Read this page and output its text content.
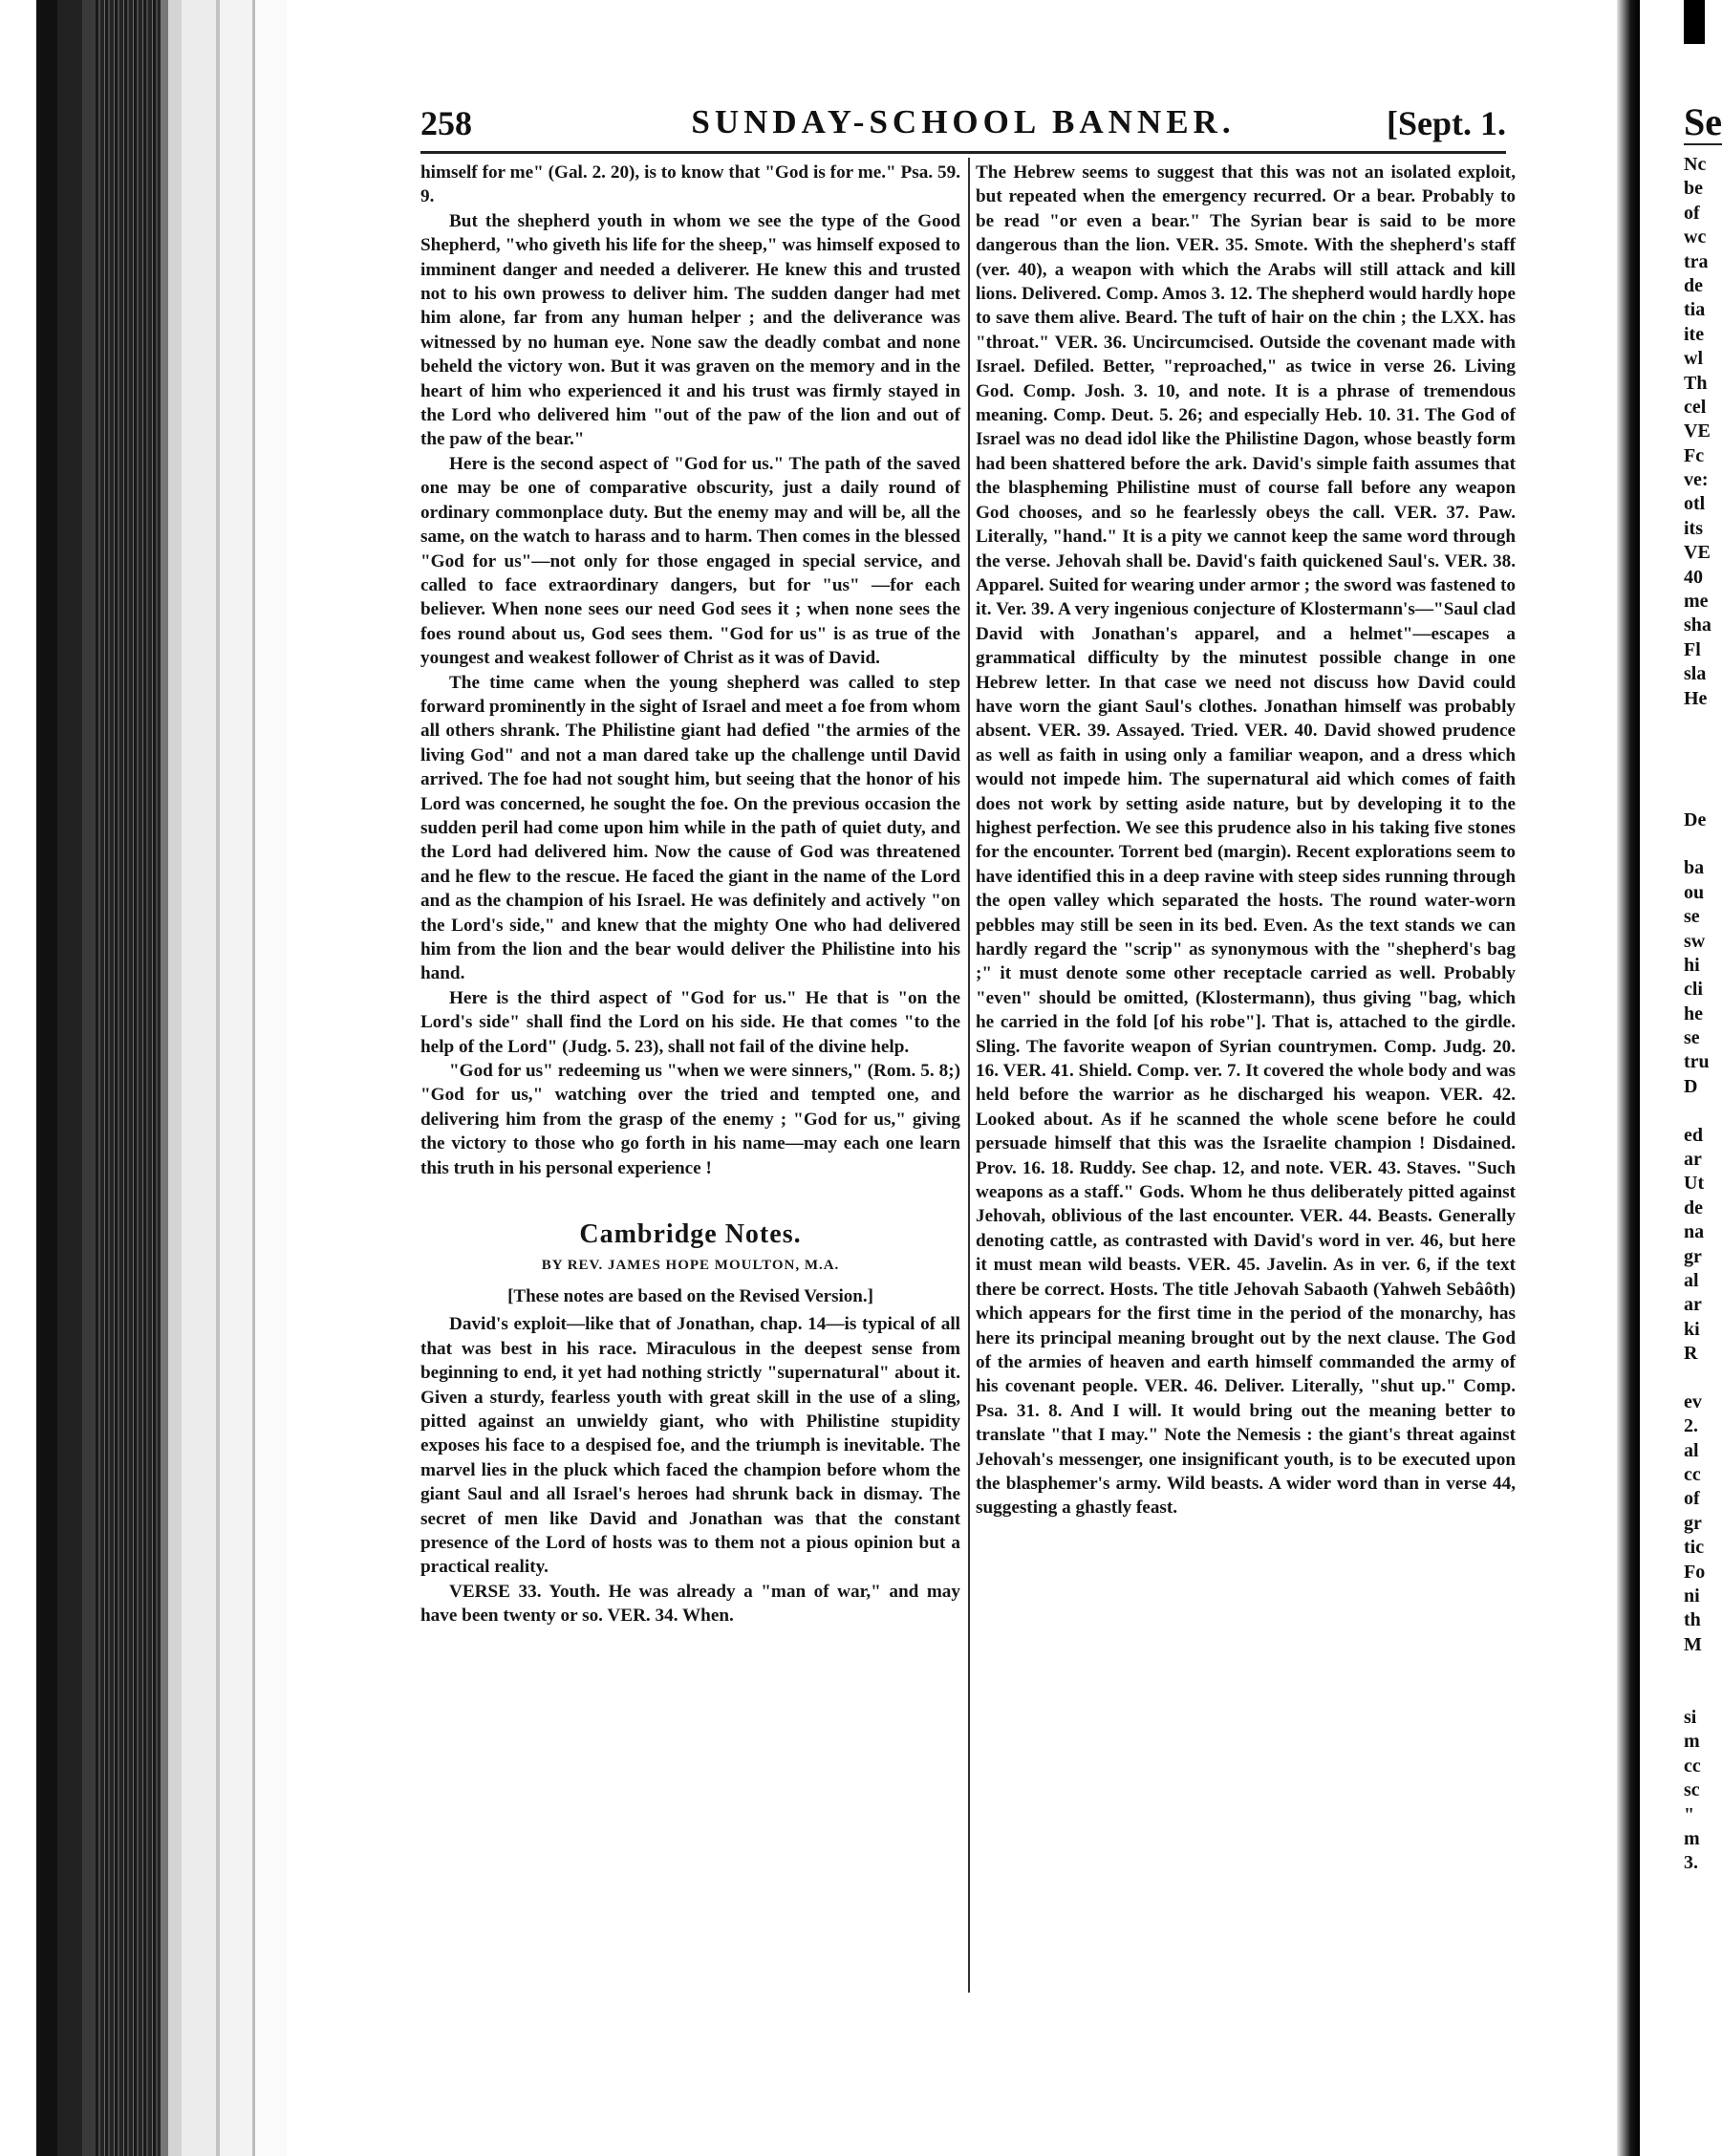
258	SUNDAY-SCHOOL BANNER.	[Sept. 1.

himself for me" (Gal. 2. 20), is to know that "God is for me." Psa. 59. 9.

But the shepherd youth in whom we see the type of the Good Shepherd, "who giveth his life for the sheep," was himself exposed to imminent danger and needed a deliverer. He knew this and trusted not to his own prowess to deliver him. The sudden danger had met him alone, far from any human helper ; and the deliverance was witnessed by no human eye. None saw the deadly combat and none beheld the victory won. But it was graven on the memory and in the heart of him who experienced it and his trust was firmly stayed in the Lord who delivered him "out of the paw of the lion and out of the paw of the bear."

Here is the second aspect of "God for us." The path of the saved one may be one of comparative obscurity, just a daily round of ordinary commonplace duty. But the enemy may and will be, all the same, on the watch to harass and to harm. Then comes in the blessed "God for us"—not only for those engaged in special service, and called to face extraordinary dangers, but for "us" —for each believer. When none sees our need God sees it ; when none sees the foes round about us, God sees them. "God for us" is as true of the youngest and weakest follower of Christ as it was of David.

The time came when the young shepherd was called to step forward prominently in the sight of Israel and meet a foe from whom all others shrank. The Philistine giant had defied "the armies of the living God" and not a man dared take up the challenge until David arrived. The foe had not sought him, but seeing that the honor of his Lord was concerned, he sought the foe. On the previous occasion the sudden peril had come upon him while in the path of quiet duty, and the Lord had delivered him. Now the cause of God was threatened and he flew to the rescue. He faced the giant in the name of the Lord and as the champion of his Israel. He was definitely and actively "on the Lord's side," and knew that the mighty One who had delivered him from the lion and the bear would deliver the Philistine into his hand.

Here is the third aspect of "God for us." He that is "on the Lord's side" shall find the Lord on his side. He that comes "to the help of the Lord" (Judg. 5. 23), shall not fail of the divine help.

"God for us" redeeming us "when we were sinners," (Rom. 5. 8;) "God for us," watching over the tried and tempted one, and delivering him from the grasp of the enemy ; "God for us," giving the victory to those who go forth in his name—may each one learn this truth in his personal experience !

Cambridge Notes.

BY REV. JAMES HOPE MOULTON, M.A.

[These notes are based on the Revised Version.]

David's exploit—like that of Jonathan, chap. 14—is typical of all that was best in his race. Miraculous in the deepest sense from beginning to end, it yet had nothing strictly "supernatural" about it. Given a sturdy, fearless youth with great skill in the use of a sling, pitted against an unwieldy giant, who with Philistine stupidity exposes his face to a despised foe, and the triumph is inevitable. The marvel lies in the pluck which faced the champion before whom the giant Saul and all Israel's heroes had shrunk back in dismay. The secret of men like David and Jonathan was that the constant presence of the Lord of hosts was to them not a pious opinion but a practical reality.

VERSE 33. Youth. He was already a "man of war," and may have been twenty or so. VER. 34. When.

The Hebrew seems to suggest that this was not an isolated exploit, but repeated when the emergency recurred. Or a bear. Probably to be read "or even a bear." The Syrian bear is said to be more dangerous than the lion. VER. 35. Smote. With the shepherd's staff (ver. 40), a weapon with which the Arabs will still attack and kill lions. Delivered. Comp. Amos 3. 12. The shepherd would hardly hope to save them alive. Beard. The tuft of hair on the chin ; the LXX. has "throat." VER. 36. Uncircumcised. Outside the covenant made with Israel. Defiled. Better, "reproached," as twice in verse 26. Living God. Comp. Josh. 3. 10, and note. It is a phrase of tremendous meaning. Comp. Deut. 5. 26; and especially Heb. 10. 31. The God of Israel was no dead idol like the Philistine Dagon, whose beastly form had been shattered before the ark. David's simple faith assumes that the blaspheming Philistine must of course fall before any weapon God chooses, and so he fearlessly obeys the call. VER. 37. Paw. Literally, "hand." It is a pity we cannot keep the same word through the verse. Jehovah shall be. David's faith quickened Saul's. VER. 38. Apparel. Suited for wearing under armor ; the sword was fastened to it. Ver. 39. A very ingenious conjecture of Klostermann's—"Saul clad David with Jonathan's apparel, and a helmet"—escapes a grammatical difficulty by the minutest possible change in one Hebrew letter. In that case we need not discuss how David could have worn the giant Saul's clothes. Jonathan himself was probably absent. VER. 39. Assayed. Tried. VER. 40. David showed prudence as well as faith in using only a familiar weapon, and a dress which would not impede him. The supernatural aid which comes of faith does not work by setting aside nature, but by developing it to the highest perfection. We see this prudence also in his taking five stones for the encounter. Torrent bed (margin). Recent explorations seem to have identified this in a deep ravine with steep sides running through the open valley which separated the hosts. The round water-worn pebbles may still be seen in its bed. Even. As the text stands we can hardly regard the "scrip" as synonymous with the "shepherd's bag ;" it must denote some other receptacle carried as well. Probably "even" should be omitted, (Klostermann), thus giving "bag, which he carried in the fold [of his robe"]. That is, attached to the girdle. Sling. The favorite weapon of Syrian countrymen. Comp. Judg. 20. 16. VER. 41. Shield. Comp. ver. 7. It covered the whole body and was held before the warrior as he discharged his weapon. VER. 42. Looked about. As if he scanned the whole scene before he could persuade himself that this was the Israelite champion ! Disdained. Prov. 16. 18. Ruddy. See chap. 12, and note. VER. 43. Staves. "Such weapons as a staff." Gods. Whom he thus deliberately pitted against Jehovah, oblivious of the last encounter. VER. 44. Beasts. Generally denoting cattle, as contrasted with David's word in ver. 46, but here it must mean wild beasts. VER. 45. Javelin. As in ver. 6, if the text there be correct. Hosts. The title Jehovah Sabaoth (Yahweh Sebâôth) which appears for the first time in the period of the monarchy, has here its principal meaning brought out by the next clause. The God of the armies of heaven and earth himself commanded the army of his covenant people. VER. 46. Deliver. Literally, "shut up." Comp. Psa. 31. 8. And I will. It would bring out the meaning better to translate "that I may." Note the Nemesis : the giant's threat against Jehovah's messenger, one insignificant youth, is to be executed upon the blasphemer's army. Wild beasts. A wider word than in verse 44, suggesting a ghastly feast.

Se
Nc
be
of
wc
tra
de
tia
ite
wl
Th
cel
VE
Fc
ve:
otl
its
VE
40
me
sha
Fl
sla
He
De
ba
ou
se
sw
hi
cli
he
se
tru
D
ed
ar
Ut
de
na
gr
al
ar
ki
R
ev
2.
al
cc
of
gr
tic
Fo
ni
th
M
si
m
cc
sc
"
m
3.
